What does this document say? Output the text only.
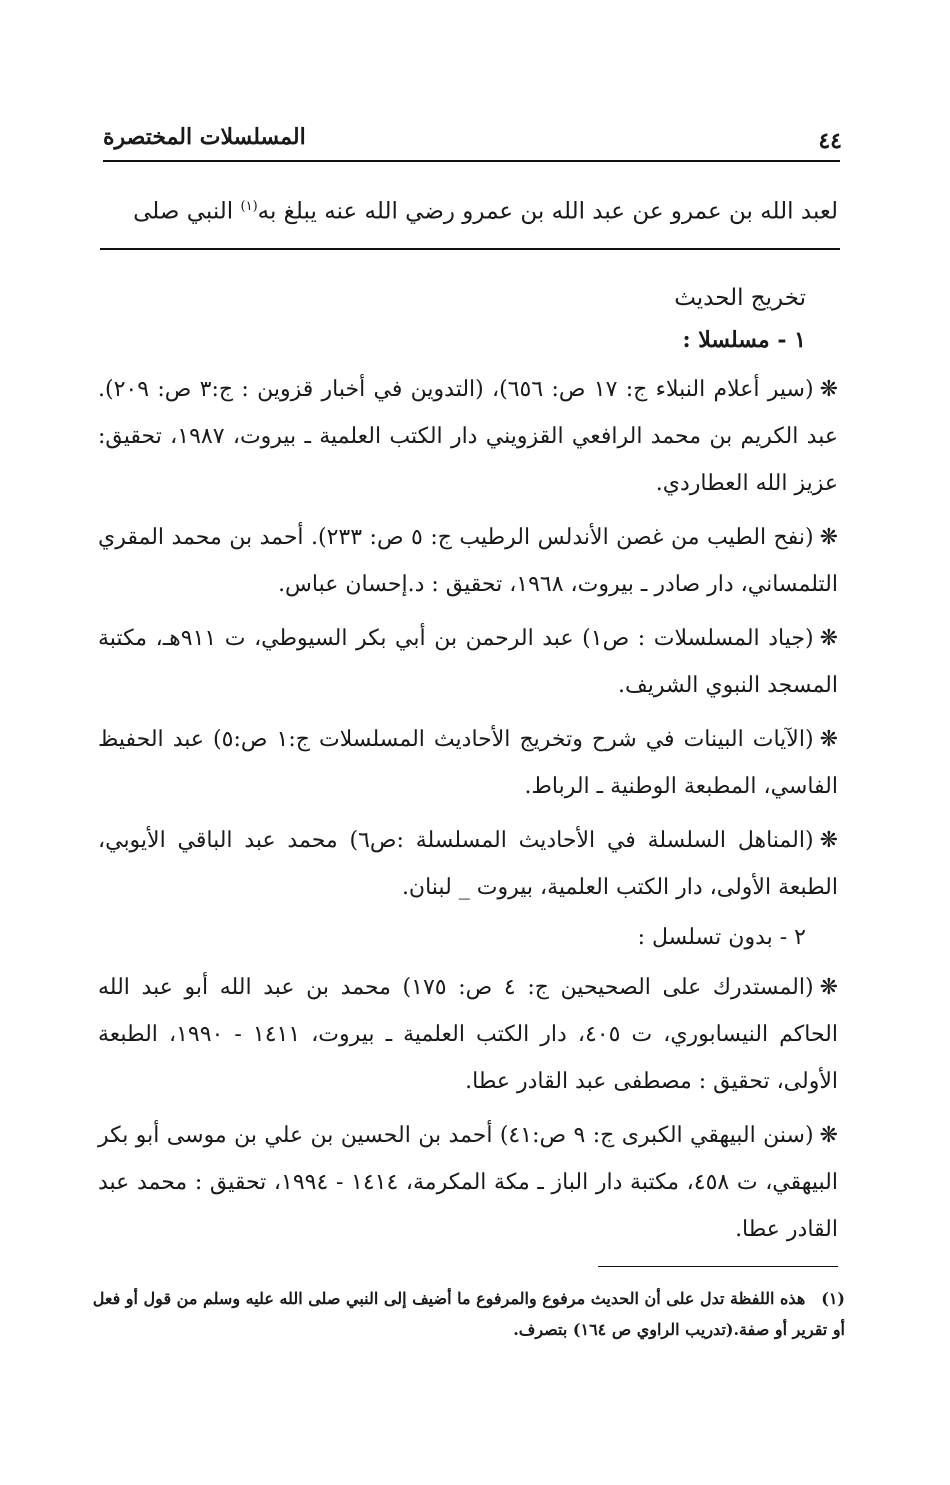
٤٤
المسلسلات المختصرة
لعبد الله بن عمرو عن عبد الله بن عمرو رضي الله عنه يبلغ به$^{(١)}$ النبي صلى
تخريج الحديث
١ - مسلسلا :
❋(سير أعلام النبلاء ج: ١٧ ص: ٦٥٦)، (التدوين في أخبار قزوين : ج:٣ ص: ٢٠٩). عبد الكريم بن محمد الرافعي القزويني دار الكتب العلمية ـ بيروت، ١٩٨٧، تحقيق: عزيز الله العطاردي.
❋(نفح الطيب من غصن الأندلس الرطيب ج: ٥ ص: ٢٣٣). أحمد بن محمد المقري التلمساني، دار صادر ـ بيروت، ١٩٦٨، تحقيق : د.إحسان عباس.
❋(جياد المسلسلات : ص١) عبد الرحمن بن أبي بكر السيوطي، ت ٩١١هـ، مكتبة المسجد النبوي الشريف.
❋(الآيات البينات في شرح وتخريج الأحاديث المسلسلات ج:١ ص:٥) عبد الحفيظ الفاسي، المطبعة الوطنية ـ الرباط.
❋(المناهل السلسلة في الأحاديث المسلسلة :ص٦) محمد عبد الباقي الأيوبي، الطبعة الأولى، دار الكتب العلمية، بيروت _ لبنان.
٢ - بدون تسلسل :
❋(المستدرك على الصحيحين ج: ٤ ص: ١٧٥) محمد بن عبد الله أبو عبد الله الحاكم النيسابوري، ت ٤٠٥، دار الكتب العلمية ـ بيروت، ١٤١١ - ١٩٩٠، الطبعة الأولى، تحقيق : مصطفى عبد القادر عطا.
❋(سنن البيهقي الكبرى ج: ٩ ص:٤١) أحمد بن الحسين بن علي بن موسى أبو بكر البيهقي، ت ٤٥٨، مكتبة دار الباز ـ مكة المكرمة، ١٤١٤ - ١٩٩٤، تحقيق : محمد عبد القادر عطا.
(١)هذه اللفظة تدل على أن الحديث مرفوع والمرفوع ما أضيف إلى النبي صلى الله عليه وسلم من قول أو فعل أو تقرير أو صفة.(تدريب الراوي ص ١٦٤) بتصرف.
